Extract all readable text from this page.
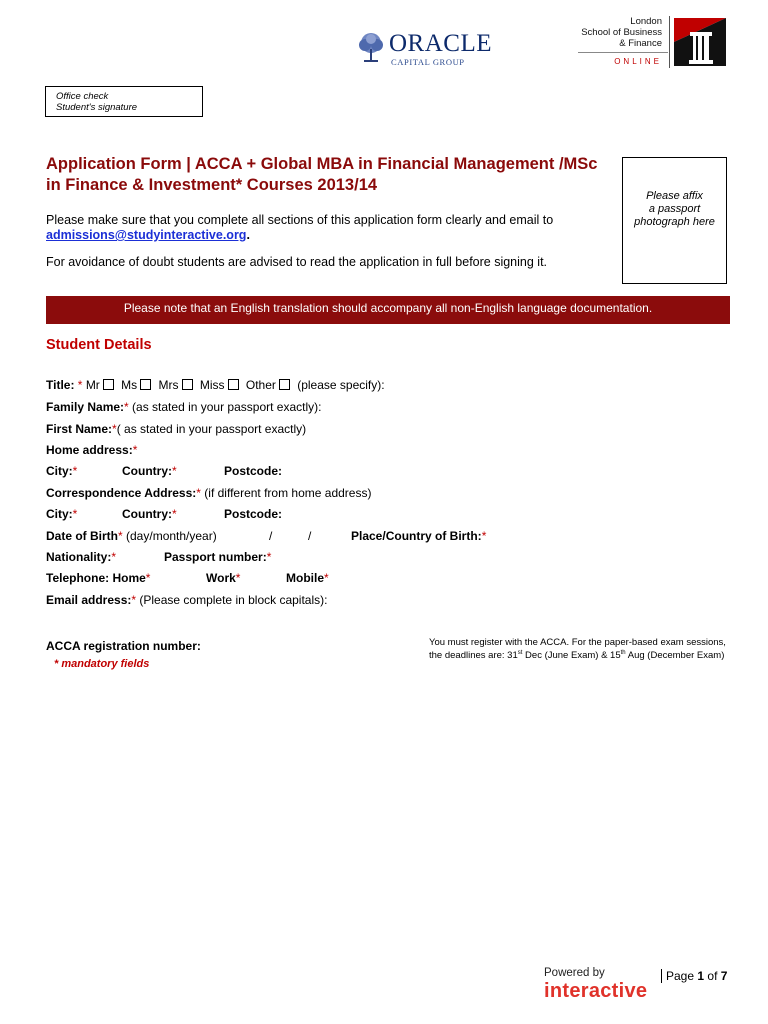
ORACLE
CAPITAL GROUP
London
School of Business
& Finance
ONLINE
Office check
Student's signature
Application Form | ACCA + Global MBA in Financial Management /MSc in Finance & Investment* Courses 2013/14
Please affix
a passport
photograph here
Please make sure that you complete all sections of this application form clearly and email to
admissions@studyinteractive.org.
For avoidance of doubt students are advised to read the application in full before signing it.
Please note that an English translation should accompany all non-English language documentation.
Student Details
Title: * Mr Ms Mrs Miss Other (please specify):
Family Name:* (as stated in your passport exactly):
First Name:*( as stated in your passport exactly)
Home address:*
City:*	Country:*	Postcode:
Correspondence Address:* (if different from home address)
City:*	Country:*	Postcode:
Date of Birth* (day/month/year)	/	/	Place/Country of Birth:*
Nationality:*	Passport number:*
Telephone: Home*	Work*	Mobile*
Email address:* (Please complete in block capitals):
ACCA registration number:
* mandatory fields
You must register with the ACCA. For the paper-based exam sessions, the deadlines are: 31st Dec (June Exam) & 15th Aug (December Exam)
Powered by
interactive
Page 1 of 7
